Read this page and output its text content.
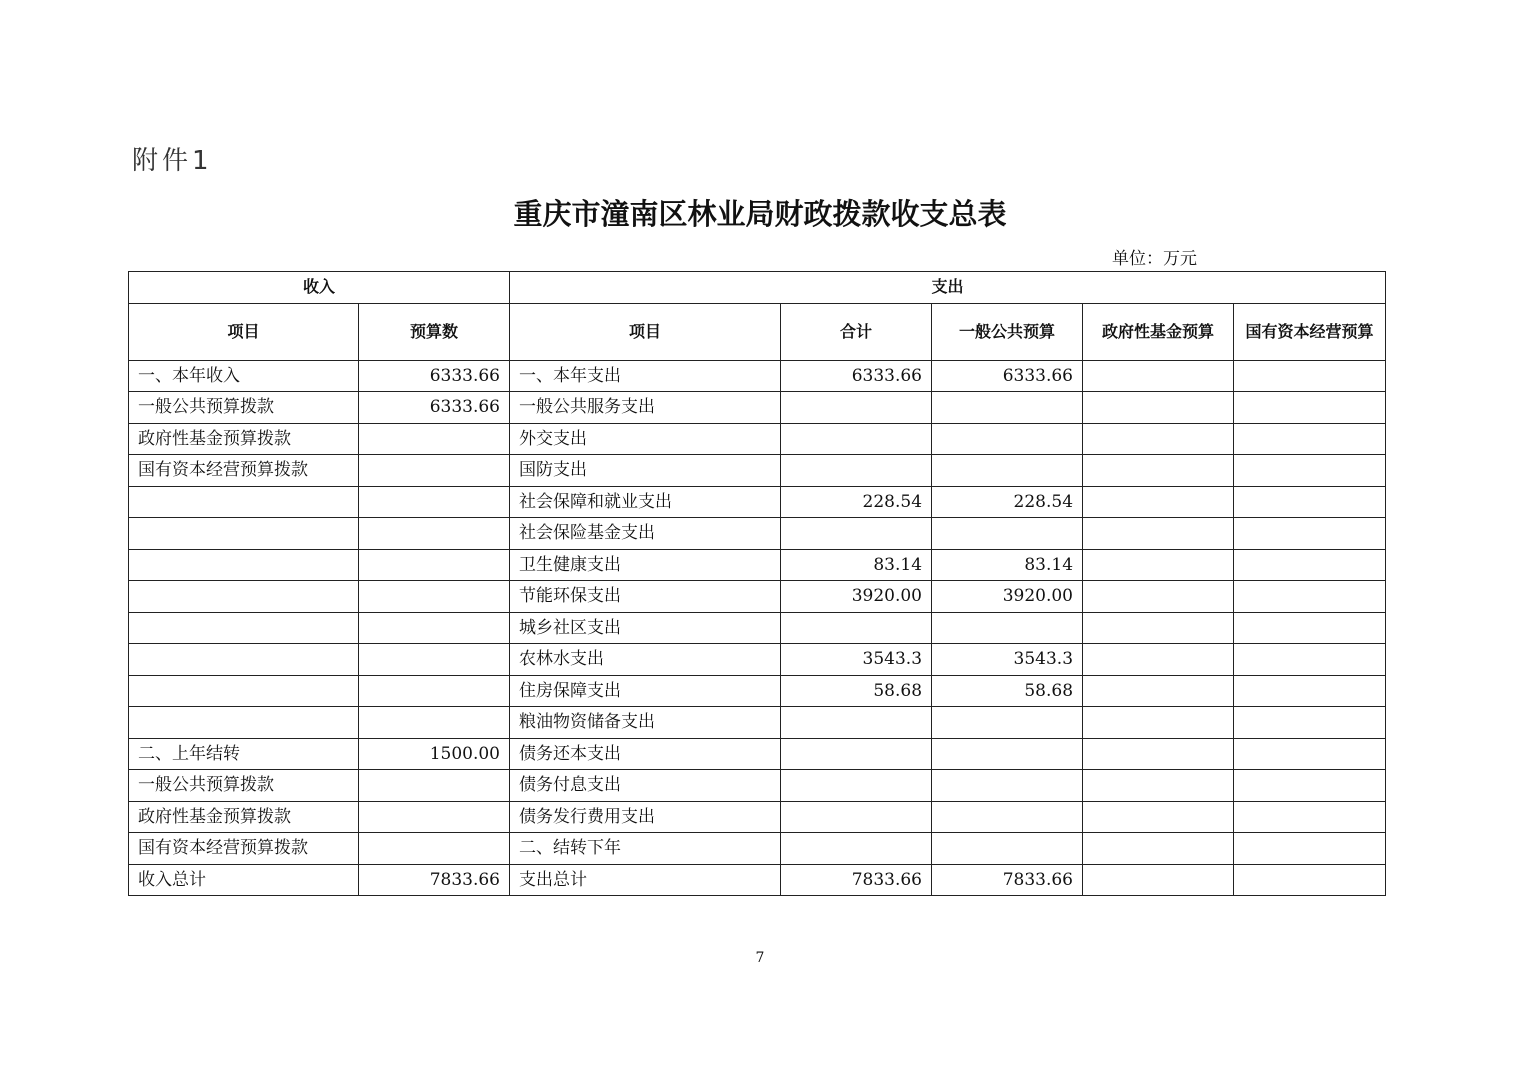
附件1
重庆市潼南区林业局财政拨款收支总表
单位：万元
收入		支出				
项目	预算数	项目	合计	一般公共预算	政府性基金预算	国有资本经营预算
一、本年收入	6333.66	一、本年支出	6333.66	6333.66		
一般公共预算拨款	6333.66	一般公共服务支出				
政府性基金预算拨款		外交支出				
国有资本经营预算拨款		国防支出				
		社会保障和就业支出	228.54	228.54		
		社会保险基金支出				
		卫生健康支出	83.14	83.14		
		节能环保支出	3920.00	3920.00		
		城乡社区支出				
		农林水支出	3543.3	3543.3		
		住房保障支出	58.68	58.68		
		粮油物资储备支出				
二、上年结转	1500.00	债务还本支出				
一般公共预算拨款		债务付息支出				
政府性基金预算拨款		债务发行费用支出				
国有资本经营预算拨款		二、结转下年				
收入总计	7833.66	支出总计	7833.66	7833.66		
7
